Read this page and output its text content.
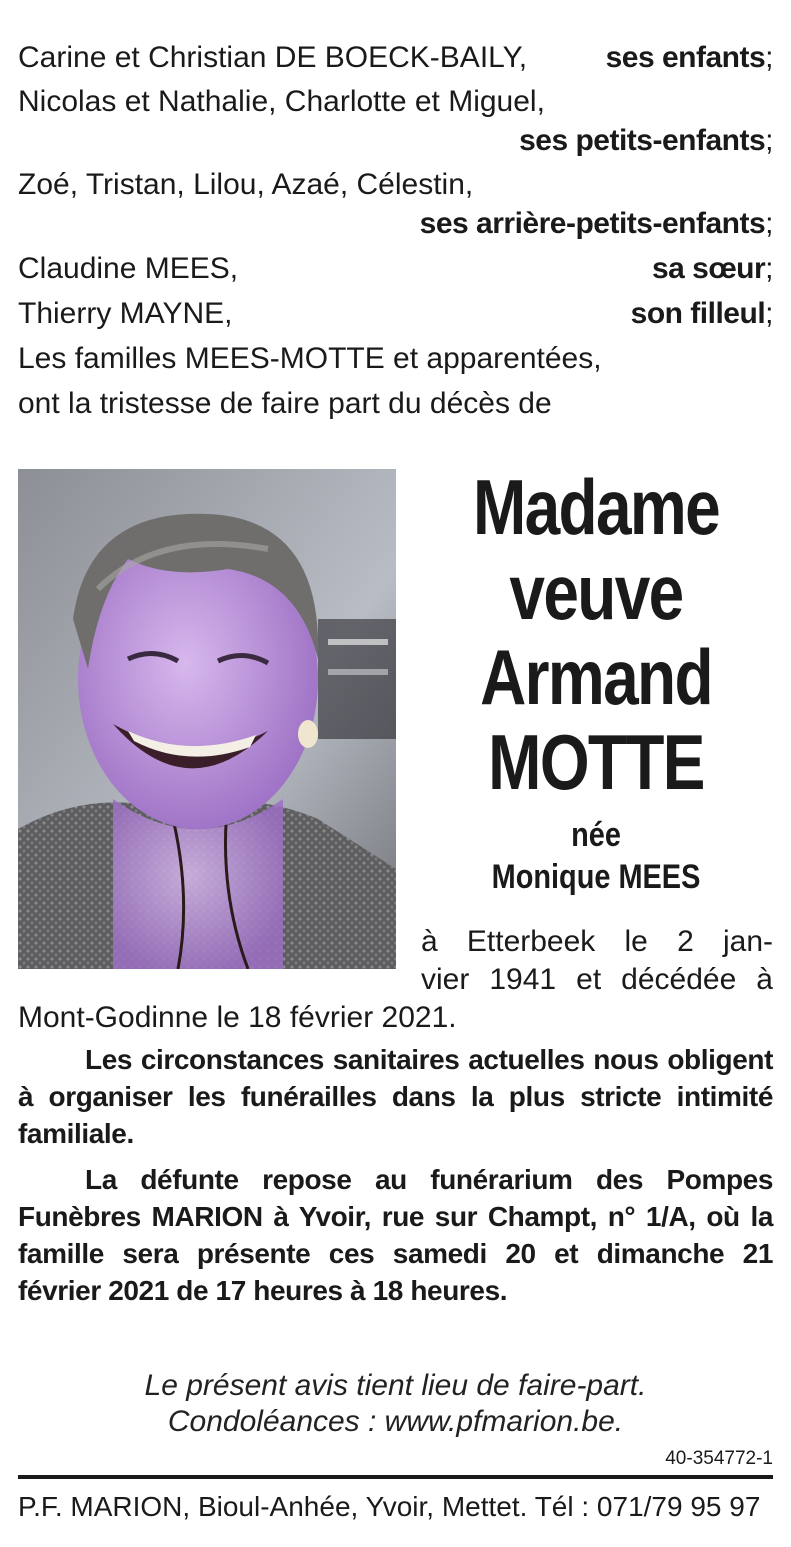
Carine et Christian DE BOECK-BAILY,	ses enfants;
Nicolas et Nathalie, Charlotte et Miguel,
ses petits-enfants;
Zoé, Tristan, Lilou, Azaé, Célestin,
ses arrière-petits-enfants;
Claudine MEES,	sa sœur;
Thierry MAYNE,	son filleul;
Les familles MEES-MOTTE et apparentées,
ont la tristesse de faire part du décès de
Madame
veuve
Armand
MOTTE
née
Monique MEES
à Etterbeek le 2 jan-
vier 1941 et décédée à
Mont-Godinne le 18 février 2021.
Les circonstances sanitaires actuelles nous obligent à organiser les funérailles dans la plus stricte intimité familiale.
La défunte repose au funérarium des Pompes Funèbres MARION à Yvoir, rue sur Champt, n° 1/A, où la famille sera présente ces samedi 20 et dimanche 21 février 2021 de 17 heures à 18 heures.
Le présent avis tient lieu de faire-part.
Condoléances : www.pfmarion.be.
40-354772-1
P.F. MARION, Bioul-Anhée, Yvoir, Mettet. Tél : 071/79 95 97
